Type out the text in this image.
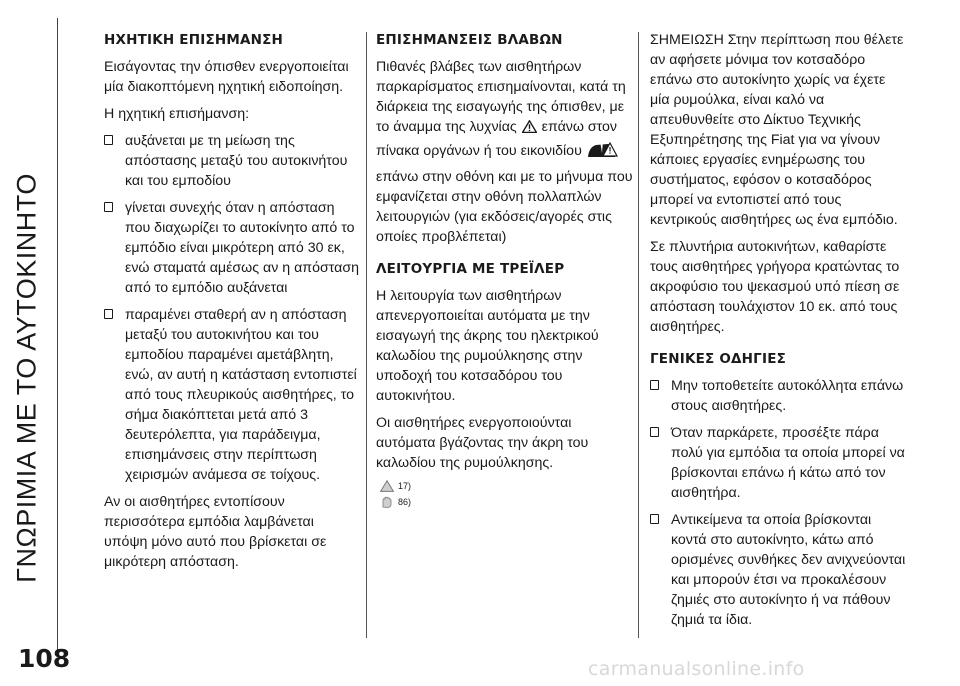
ΓΝΩΡΙΜΙΑ ΜΕ ΤΟ ΑΥΤΟΚΙΝΗΤΟ
108
ΗΧΗΤΙΚΗ ΕΠΙΣΗΜΑΝΣΗ
Εισάγοντας την όπισθεν ενεργοποιείται μία διακοπτόμενη ηχητική ειδοποίηση.
Η ηχητική επισήμανση:
αυξάνεται με τη μείωση της απόστασης μεταξύ του αυτοκινήτου και του εμποδίου
γίνεται συνεχής όταν η απόσταση που διαχωρίζει το αυτοκίνητο από το εμπόδιο είναι μικρότερη από 30 εκ, ενώ σταματά αμέσως αν η απόσταση από το εμπόδιο αυξάνεται
παραμένει σταθερή αν η απόσταση μεταξύ του αυτοκινήτου και του εμποδίου παραμένει αμετάβλητη, ενώ, αν αυτή η κατάσταση εντοπιστεί από τους πλευρικούς αισθητήρες, το σήμα διακόπτεται μετά από 3 δευτερόλεπτα, για παράδειγμα, επισημάνσεις στην περίπτωση χειρισμών ανάμεσα σε τοίχους.
Αν οι αισθητήρες εντοπίσουν περισσότερα εμπόδια λαμβάνεται υπόψη μόνο αυτό που βρίσκεται σε μικρότερη απόσταση.
ΕΠΙΣΗΜΑΝΣΕΙΣ ΒΛΑΒΩΝ
Πιθανές βλάβες των αισθητήρων παρκαρίσματος επισημαίνονται, κατά τη διάρκεια της εισαγωγής της όπισθεν, με το άναμμα της λυχνίας επάνω στον πίνακα οργάνων ή του εικονιδίου  επάνω στην οθόνη και με το μήνυμα που εμφανίζεται στην οθόνη πολλαπλών λειτουργιών (για εκδόσεις/αγορές στις οποίες προβλέπεται)
ΛΕΙΤΟΥΡΓΙΑ ΜΕ ΤΡΕΪΛΕΡ
Η λειτουργία των αισθητήρων απενεργοποιείται αυτόματα με την εισαγωγή της άκρης του ηλεκτρικού καλωδίου της ρυμούλκησης στην υποδοχή του κοτσαδόρου του αυτοκινήτου.
Οι αισθητήρες ενεργοποιούνται αυτόματα βγάζοντας την άκρη του καλωδίου της ρυμούλκησης.
17)
86)
ΣΗΜΕΙΩΣΗ Στην περίπτωση που θέλετε αν αφήσετε μόνιμα τον κοτσαδόρο επάνω στο αυτοκίνητο χωρίς να έχετε μία ρυμούλκα, είναι καλό να απευθυνθείτε στο Δίκτυο Τεχνικής Εξυπηρέτησης της Fiat για να γίνουν κάποιες εργασίες ενημέρωσης του συστήματος, εφόσον ο κοτσαδόρος μπορεί να εντοπιστεί από τους κεντρικούς αισθητήρες ως ένα εμπόδιο.
Σε πλυντήρια αυτοκινήτων, καθαρίστε τους αισθητήρες γρήγορα κρατώντας το ακροφύσιο του ψεκασμού υπό πίεση σε απόσταση τουλάχιστον 10 εκ. από τους αισθητήρες.
ΓΕΝΙΚΕΣ ΟΔΗΓΙΕΣ
Μην τοποθετείτε αυτοκόλλητα επάνω στους αισθητήρες.
Όταν παρκάρετε, προσέξτε πάρα πολύ για εμπόδια τα οποία μπορεί να βρίσκονται επάνω ή κάτω από τον αισθητήρα.
Αντικείμενα τα οποία βρίσκονται κοντά στο αυτοκίνητο, κάτω από ορισμένες συνθήκες δεν ανιχνεύονται και μπορούν έτσι να προκαλέσουν ζημιές στο αυτοκίνητο ή να πάθουν ζημιά τα ίδια.
carmanualsonline.info
